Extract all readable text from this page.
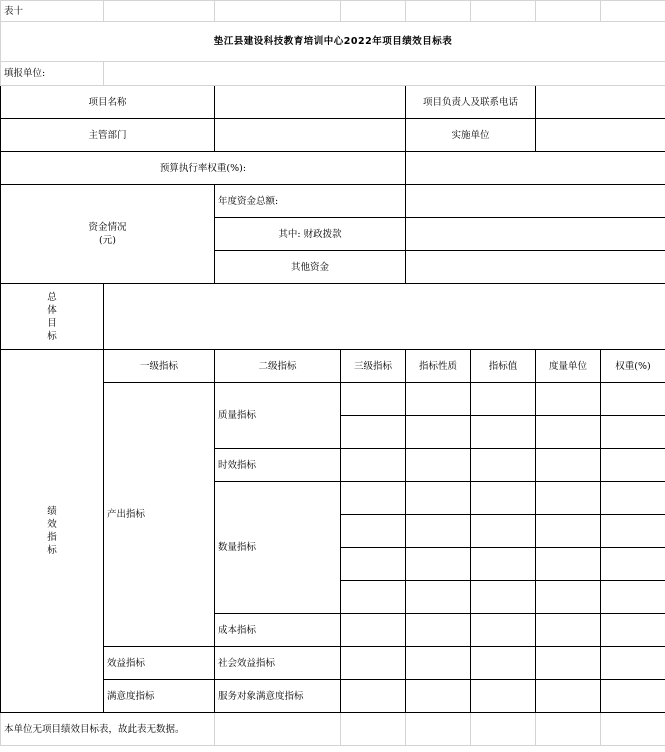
表十							
垫江县建设科技教育培训中心2022年项目绩效目标表							
填报单位:							
项目名称				项目负责人及联系电话			
主管部门				实施单位			
预算执行率权重(%):							

资金情况
(元)		年度资金总额:					
		其中: 财政拨款					
		其他资金					

总
体
目
标							

绩
效
指
标	一级指标	二级指标	三级指标	指标性质	指标值	度量单位	权重(%)
	产出指标	质量指标					

		时效指标					
		数量指标					

		成本指标					
	效益指标	社会效益指标					
	满意度指标	服务对象满意度指标					
本单位无项目绩效目标表，故此表无数据。							
